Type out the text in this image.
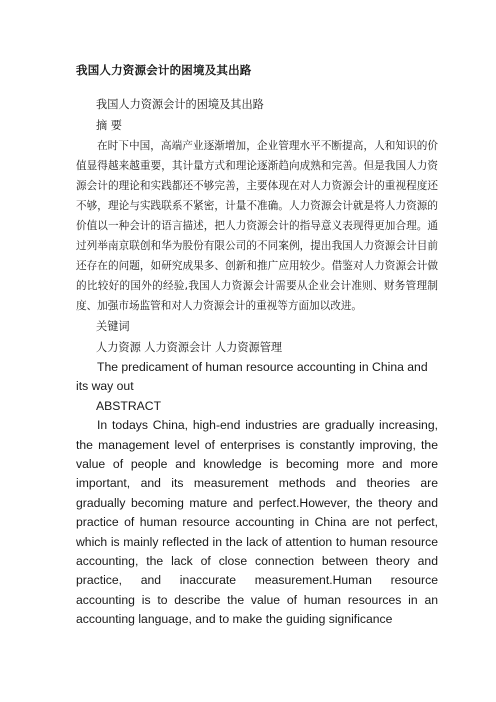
我国人力资源会计的困境及其出路
我国人力资源会计的困境及其出路
摘 要

在时下中国，高端产业逐渐增加，企业管理水平不断提高，人和知识的价值显得越来越重要，其计量方式和理论逐渐趋向成熟和完善。但是我国人力资源会计的理论和实践都还不够完善，主要体现在对人力资源会计的重视程度还不够，理论与实践联系不紧密，计量不准确。人力资源会计就是将人力资源的价值以一种会计的语言描述，把人力资源会计的指导意义表现得更加合理。通过列举南京联创和华为股份有限公司的不同案例，提出我国人力资源会计目前还存在的问题，如研究成果多、创新和推广应用较少。借鉴对人力资源会计做的比较好的国外的经验,我国人力资源会计需要从企业会计准则、财务管理制度、加强市场监管和对人力资源会计的重视等方面加以改进。

关键词
人力资源 人力资源会计 人力资源管理

The predicament of human resource accounting in China and its way out

ABSTRACT

In todays China, high-end industries are gradually increasing, the management level of enterprises is constantly improving, the value of people and knowledge is becoming more and more important, and its measurement methods and theories are gradually becoming mature and perfect.However, the theory and practice of human resource accounting in China are not perfect, which is mainly reflected in the lack of attention to human resource accounting, the lack of close connection between theory and practice, and inaccurate measurement.Human resource accounting is to describe the value of human resources in an accounting language, and to make the guiding significance
